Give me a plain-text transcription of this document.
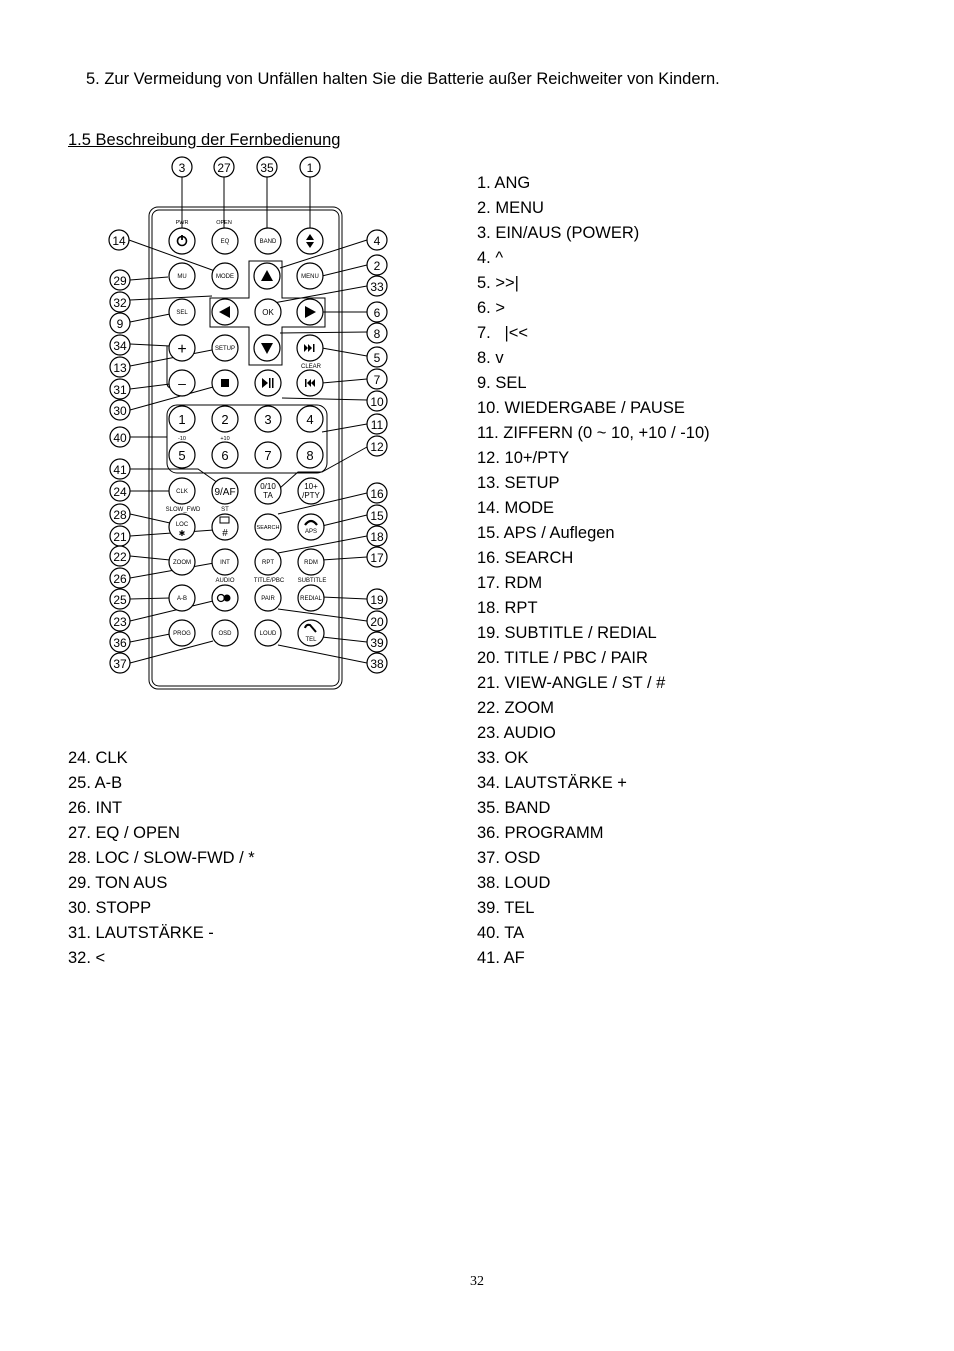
5. Zur Vermeidung von Unfällen halten Sie die Batterie außer Reichweiter von Kindern.
1.5 Beschreibung der Fernbedienung
PWR	OPEN
-10	+10
CLEAR
SLOW_FWD	ST
AUDIO	TITLE/PBC SUBTITLE
EQ	BAND
MU	MODE	MENU
SEL	OK
SETUP
+
–
1	2	3	4
5	6	7	8
CLK	9/AF
0/10
TA
10+
/PTY
LOC
✱	#	SEARCH
APS
ZOOM	INT	RPT	RDM
A-B	PAIR	REDIAL
PROG	OSD	LOUD
TEL
3	27 35	1
14	4
2
29	33
32
6
9
8
34
5
13
7
31
10
30
11
40
12
41
24	16
28	15
21	18
22	17
26
25	19
23	20
36	39
37	38
1. ANG
2. MENU
3. EIN/AUS (POWER)
4. ^
5. >>|
6. >
7.   |<<
8. v
9. SEL
10. WIEDERGABE / PAUSE
11. ZIFFERN (0 ~ 10, +10 / -10)
12. 10+/PTY
13. SETUP
14. MODE
15. APS / Auflegen
16. SEARCH
17. RDM
18. RPT
19. SUBTITLE / REDIAL
20. TITLE / PBC / PAIR
21. VIEW-ANGLE / ST / #
22. ZOOM
23. AUDIO
33. OK
34. LAUTSTÄRKE +
35. BAND
36. PROGRAMM
37. OSD
38. LOUD
39. TEL
40. TA
41. AF
24. CLK
25. A-B
26. INT
27. EQ / OPEN
28. LOC / SLOW-FWD / *
29. TON AUS
30. STOPP
31. LAUTSTÄRKE -
32. <
32
